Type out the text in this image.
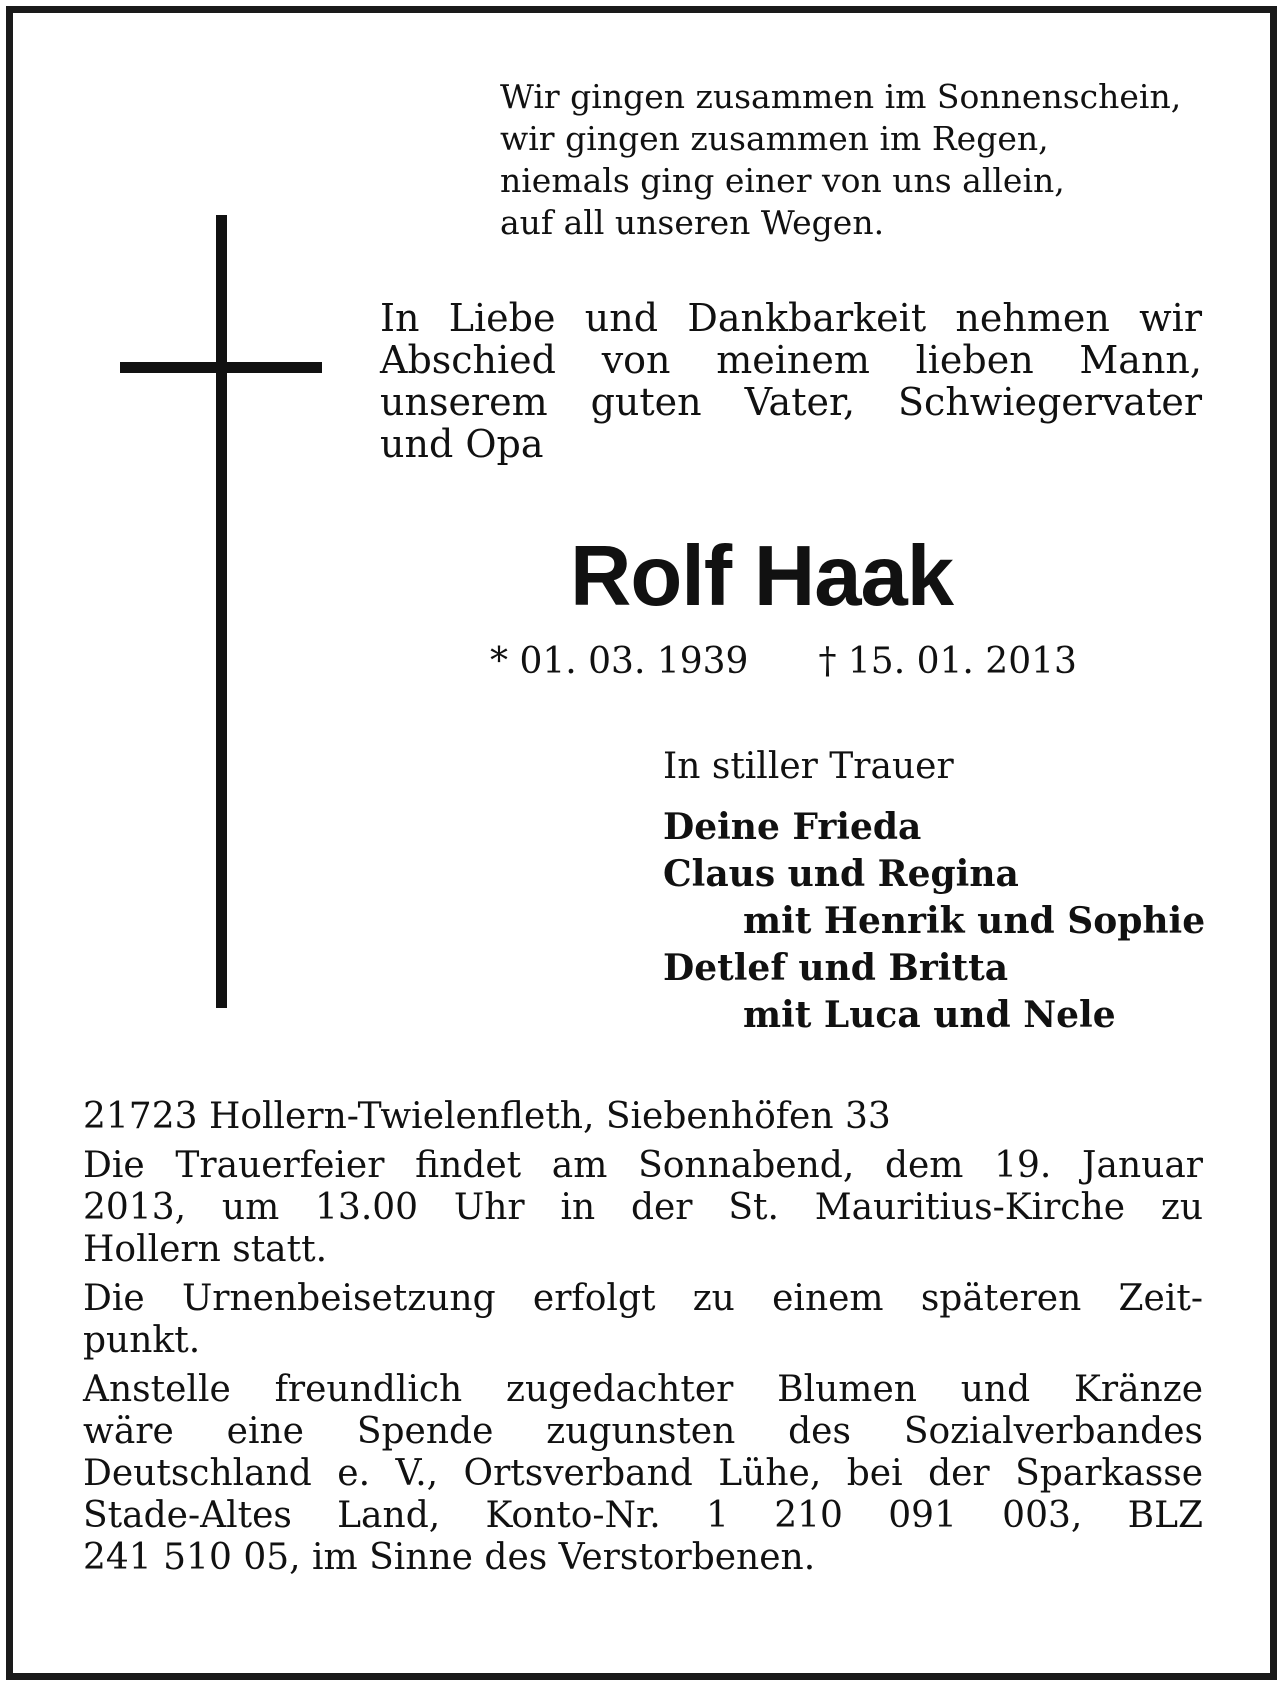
Wir gingen zusammen im Sonnenschein,
wir gingen zusammen im Regen,
niemals ging einer von uns allein,
auf all unseren Wegen.
In Liebe und Dankbarkeit nehmen wir
Abschied von meinem lieben Mann,
unserem guten Vater, Schwiegervater
und Opa
Rolf Haak
* 01. 03. 1939 † 15. 01. 2013
In stiller Trauer
Deine Frieda
Claus und Regina
mit Henrik und Sophie
Detlef und Britta
mit Luca und Nele
21723 Hollern-Twielenfleth, Siebenhöfen 33
Die Trauerfeier findet am Sonnabend, dem 19. Januar
2013, um 13.00 Uhr in der St. Mauritius-Kirche zu
Hollern statt.
Die Urnenbeisetzung erfolgt zu einem späteren Zeit-
punkt.
Anstelle freundlich zugedachter Blumen und Kränze
wäre eine Spende zugunsten des Sozialverbandes
Deutschland e. V., Ortsverband Lühe, bei der Sparkasse
Stade-Altes Land, Konto-Nr. 1 210 091 003, BLZ
241 510 05, im Sinne des Verstorbenen.
